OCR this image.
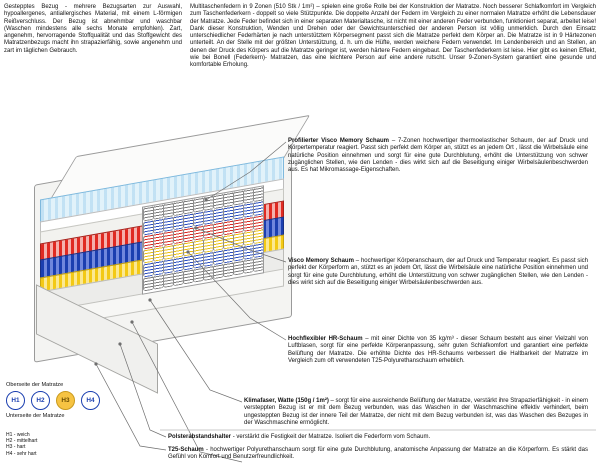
Gestepptes Bezug - mehrere Bezugsarten zur Auswahl, hypoallergenes, antiallergisches Material, mit einem L-förmigen Reißverschluss. Der Bezug ist abnehmbar und waschbar (Waschen mindestens alle sechs Monate empfohlen). Zart, angenehm, hervorragende Stoffqualität und das Stoffgewicht des Matratzenbezugs macht ihn strapazierfähig, sowie angenehm und zart im täglichen Gebrauch.
Multitaschenfedern in 9 Zonen (510 Stk / 1m²) – spielen eine große Rolle bei der Konstruktion der Matratze. Noch besserer Schlafkomfort im Vergleich zum Taschenfederkern - doppelt so viele Stützpunkte. Die doppelte Anzahl der Federn im Vergleich zu einer normalen Matratze erhöht die Lebensdauer der Matratze. Jede Feder befindet sich in einer separaten Materialtasche, ist nicht mit einer anderen Feder verbunden, funktioniert separat, arbeitet leise! Dank dieser Konstruktion, Wenden und Drehen oder der Gewichtsunterschied der anderen Person ist völlig unmerklich. Durch den Einsatz unterschiedlicher Federhärten je nach unterstütztem Körpersegment passt sich die Matratze perfekt dem Körper an. Die Matratze ist in 9 Härtezonen unterteilt. An der Stelle mit der größten Unterstützung, d. h. um die Hüfte, werden weichere Federn verwendet. Im Lendenbereich und an Stellen, an denen der Druck des Körpers auf die Matratze geringer ist, werden härtere Federn eingebaut. Der Taschenfederkern ist leise. Hier gibt es keinen Effekt, wie bei Bonell (Federkern)- Matratzen, das eine leichtere Person auf eine andere rutscht. Unser 9-Zonen-System garantiert eine gesunde und komfortable Erholung.
Profilierter Visco Memory Schaum – 7-Zonen hochwertiger thermoelastischer Schaum, der auf Druck und Körpertemperatur reagiert. Passt sich perfekt dem Körper an, stützt es an jedem Ort , lässt die Wirbelsäule eine natürliche Position einnehmen und sorgt für eine gute Durchblutung, erhöht die Unterstützung von schwer zugänglichen Stellen, wie den Lenden - dies wirkt sich auf die Beseitigung einiger Wirbelsäulenbeschwerden aus. Es hat Mikromassage-Eigenschaften.
Visco Memory Schaum – hochwertiger Körperanschaum, der auf Druck und Temperatur reagiert. Es passt sich perfekt der Körperform an, stützt es an jedem Ort, lässt die Wirbelsäule eine natürliche Position einnehmen und sorgt für eine gute Durchblutung, erhöht die Unterstützung von schwer zugänglichen Stellen, wie den Lenden - dies wirkt sich auf die Beseitigung einiger Wirbelsäulenbeschwerden aus.
Hochflexibler HR-Schaum – mit einer Dichte von 35 kg/m³ - dieser Schaum besteht aus einer Vielzahl von Luftblasen, sorgt für eine perfekte Körperanpassung, sehr guten Schlafkomfort und garantiert eine perfekte Belüftung der Matratze. Die erhöhte Dichte des HR-Schaums verbessert die Haltbarkeit der Matratze im Vergleich zum oft verwendeten T25-Polyurethanschaum erheblich.
Klimafaser, Watte (150g / 1m²) – sorgt für eine ausreichende Belüftung der Matratze, verstärkt ihre Strapazierfähigkeit - in einem versteppten Bezug ist er mit dem Bezug verbunden, was das Waschen in der Waschmaschine effektiv verhindert, beim ungesteppten Bezug ist der innere Teil der Matratze, der nicht mit dem Bezug verbunden ist, was das Waschen des Bezuges in der Waschmaschine ermöglicht.
Polsterabstandshalter - verstärkt die Festigkeit der Matratze. Isoliert die Federform vom Schaum.
T25-Schaum - hochwertiger Polyurethanschaum sorgt für eine gute Durchblutung, anatomische Anpassung der Matratze an die Körperform. Es stärkt das Gefühl von Komfort und Benutzerfreundlichkeit.
Oberseite der Matratze
H1	H2	H3	H4
Unterseite der Matratze
H1 - weich
H2 - mittelhart
H3 - hart
H4 - sehr hart
